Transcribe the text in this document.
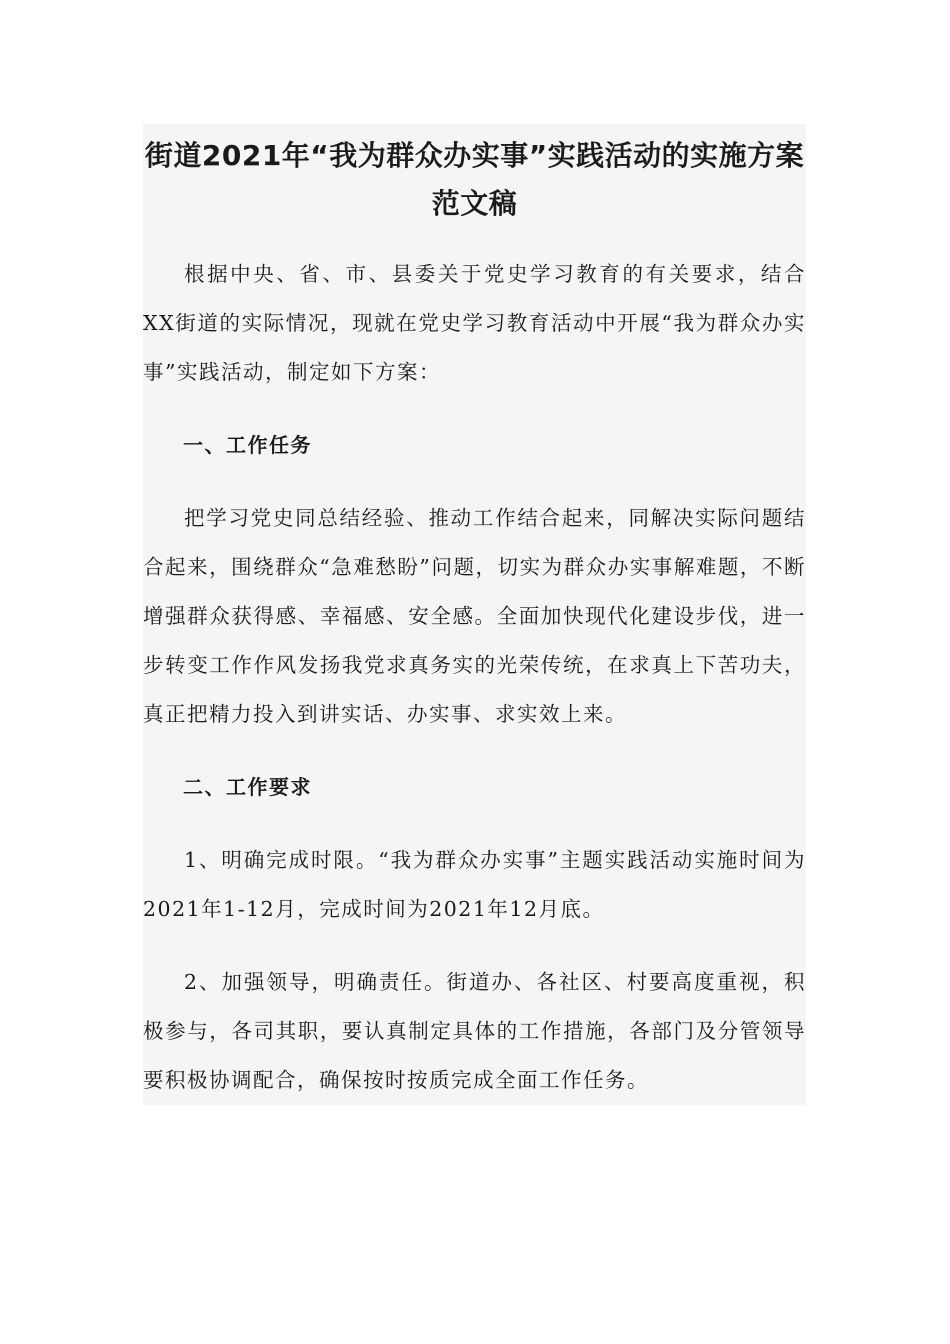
街道2021年“我为群众办实事”实践活动的实施方案范文稿

根据中央、省、市、县委关于党史学习教育的有关要求，结合XX街道的实际情况，现就在党史学习教育活动中开展“我为群众办实事”实践活动，制定如下方案：

一、工作任务

把学习党史同总结经验、推动工作结合起来，同解决实际问题结合起来，围绕群众“急难愁盼”问题，切实为群众办实事解难题，不断增强群众获得感、幸福感、安全感。全面加快现代化建设步伐，进一步转变工作作风发扬我党求真务实的光荣传统，在求真上下苦功夫，真正把精力投入到讲实话、办实事、求实效上来。

二、工作要求

1、明确完成时限。“我为群众办实事”主题实践活动实施时间为2021年1-12月，完成时间为2021年12月底。

2、加强领导，明确责任。街道办、各社区、村要高度重视，积极参与，各司其职，要认真制定具体的工作措施，各部门及分管领导要积极协调配合，确保按时按质完成全面工作任务。
